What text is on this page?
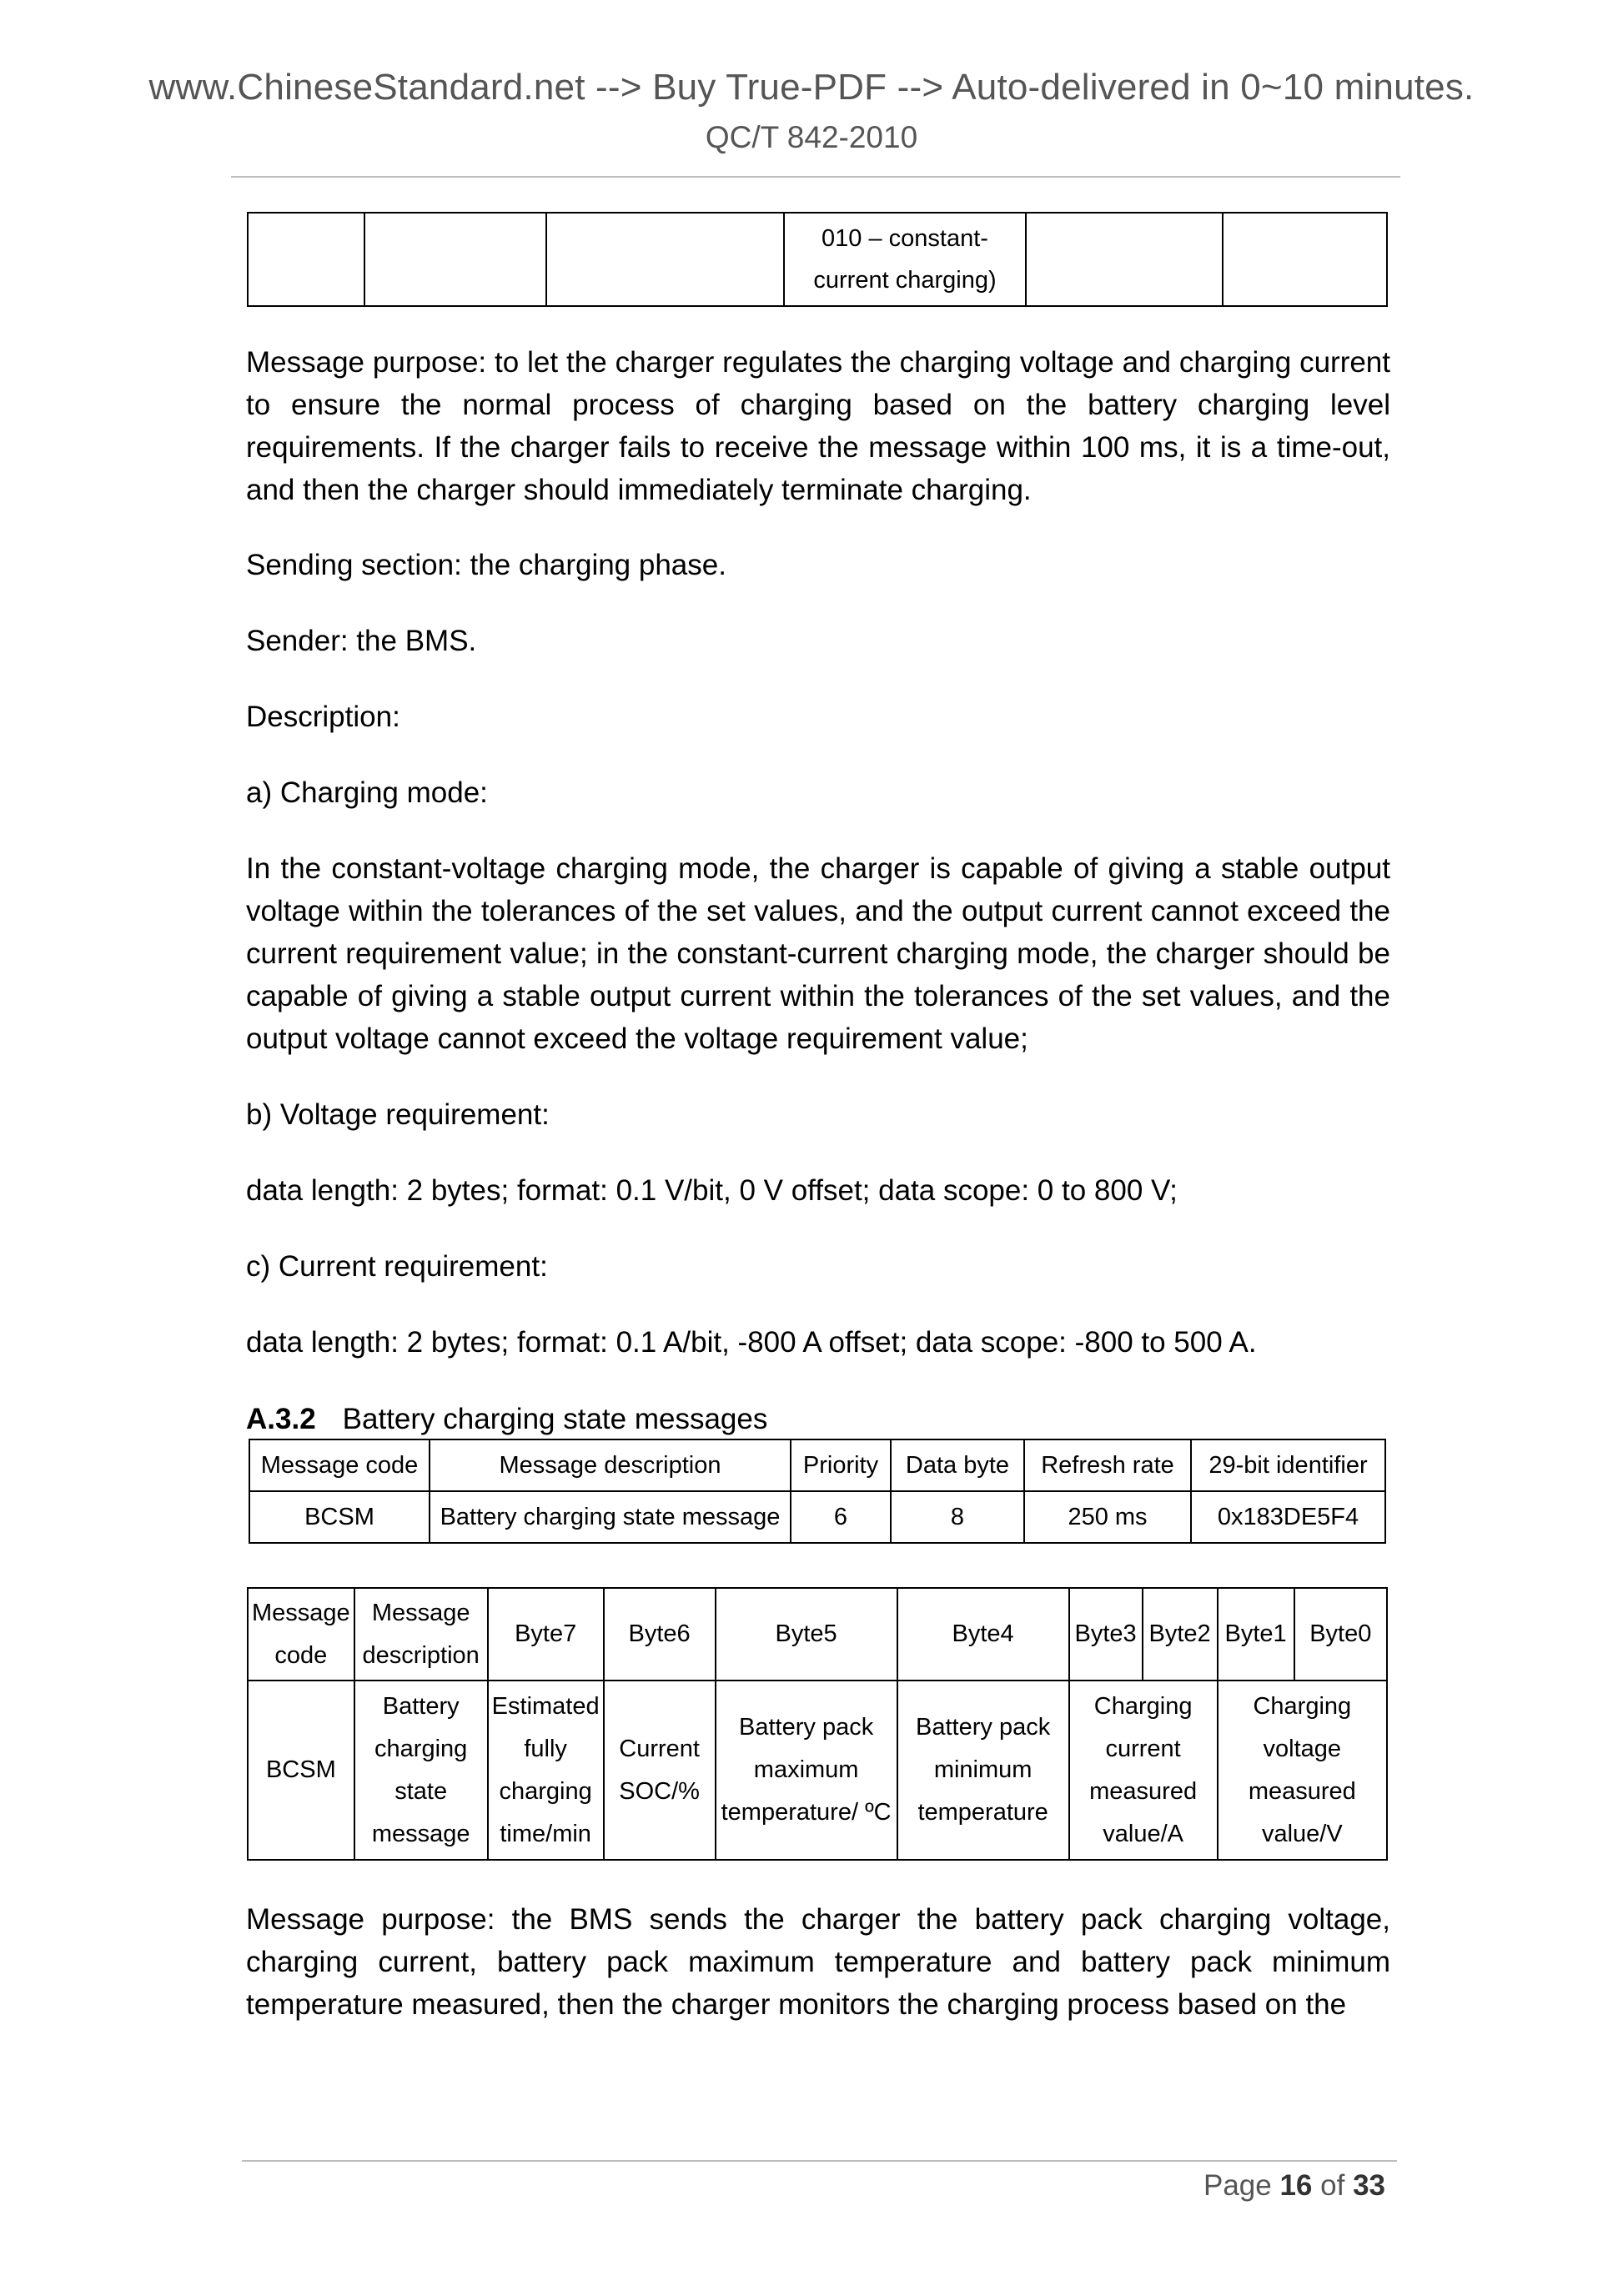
www.ChineseStandard.net --> Buy True-PDF --> Auto-delivered in 0~10 minutes.
QC/T 842-2010

010 – constant-
current charging)

Message purpose: to let the charger regulates the charging voltage and charging current to ensure the normal process of charging based on the battery charging level requirements. If the charger fails to receive the message within 100 ms, it is a time-out, and then the charger should immediately terminate charging.

Sending section: the charging phase.

Sender: the BMS.

Description:

a) Charging mode:

In the constant-voltage charging mode, the charger is capable of giving a stable output voltage within the tolerances of the set values, and the output current cannot exceed the current requirement value; in the constant-current charging mode, the charger should be capable of giving a stable output current within the tolerances of the set values, and the output voltage cannot exceed the voltage requirement value;

b) Voltage requirement:

data length: 2 bytes; format: 0.1 V/bit, 0 V offset; data scope: 0 to 800 V;

c) Current requirement:

data length: 2 bytes; format: 0.1 A/bit, -800 A offset; data scope: -800 to 500 A.

A.3.2 Battery charging state messages
Message code	Message description	Priority	Data byte	Refresh rate	29-bit identifier
BCSM	Battery charging state message	6	8	250 ms	0x183DE5F4
Message code	Message description	Byte7	Byte6	Byte5	Byte4	Byte3	Byte2	Byte1	Byte0
BCSM	Battery charging state message	Estimated fully charging time/min	Current SOC/%	Battery pack maximum temperature/ ºC	Battery pack minimum temperature	Charging current measured value/A		Charging voltage measured value/V	

Message purpose: the BMS sends the charger the battery pack charging voltage, charging current, battery pack maximum temperature and battery pack minimum temperature measured, then the charger monitors the charging process based on the

Page 16 of 33
